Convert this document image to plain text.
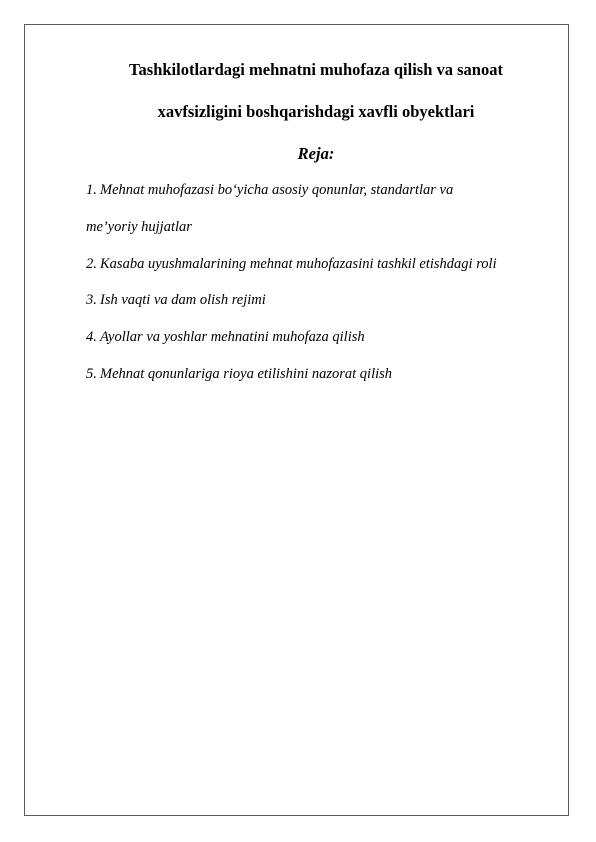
Tashkilotlardagi mehnatni muhofaza qilish va sanoat
xavfsizligini boshqarishdagi xavfli obyektlari
Reja:
1. Mehnat muhofazasi bo‘yicha asosiy qonunlar, standartlar va
me’yoriy hujjatlar
2. Kasaba uyushmalarining mehnat muhofazasini tashkil etishdagi roli
3. Ish vaqti va dam olish rejimi
4. Ayollar va yoshlar mehnatini muhofaza qilish
5. Mehnat qonunlariga rioya etilishini nazorat qilish
